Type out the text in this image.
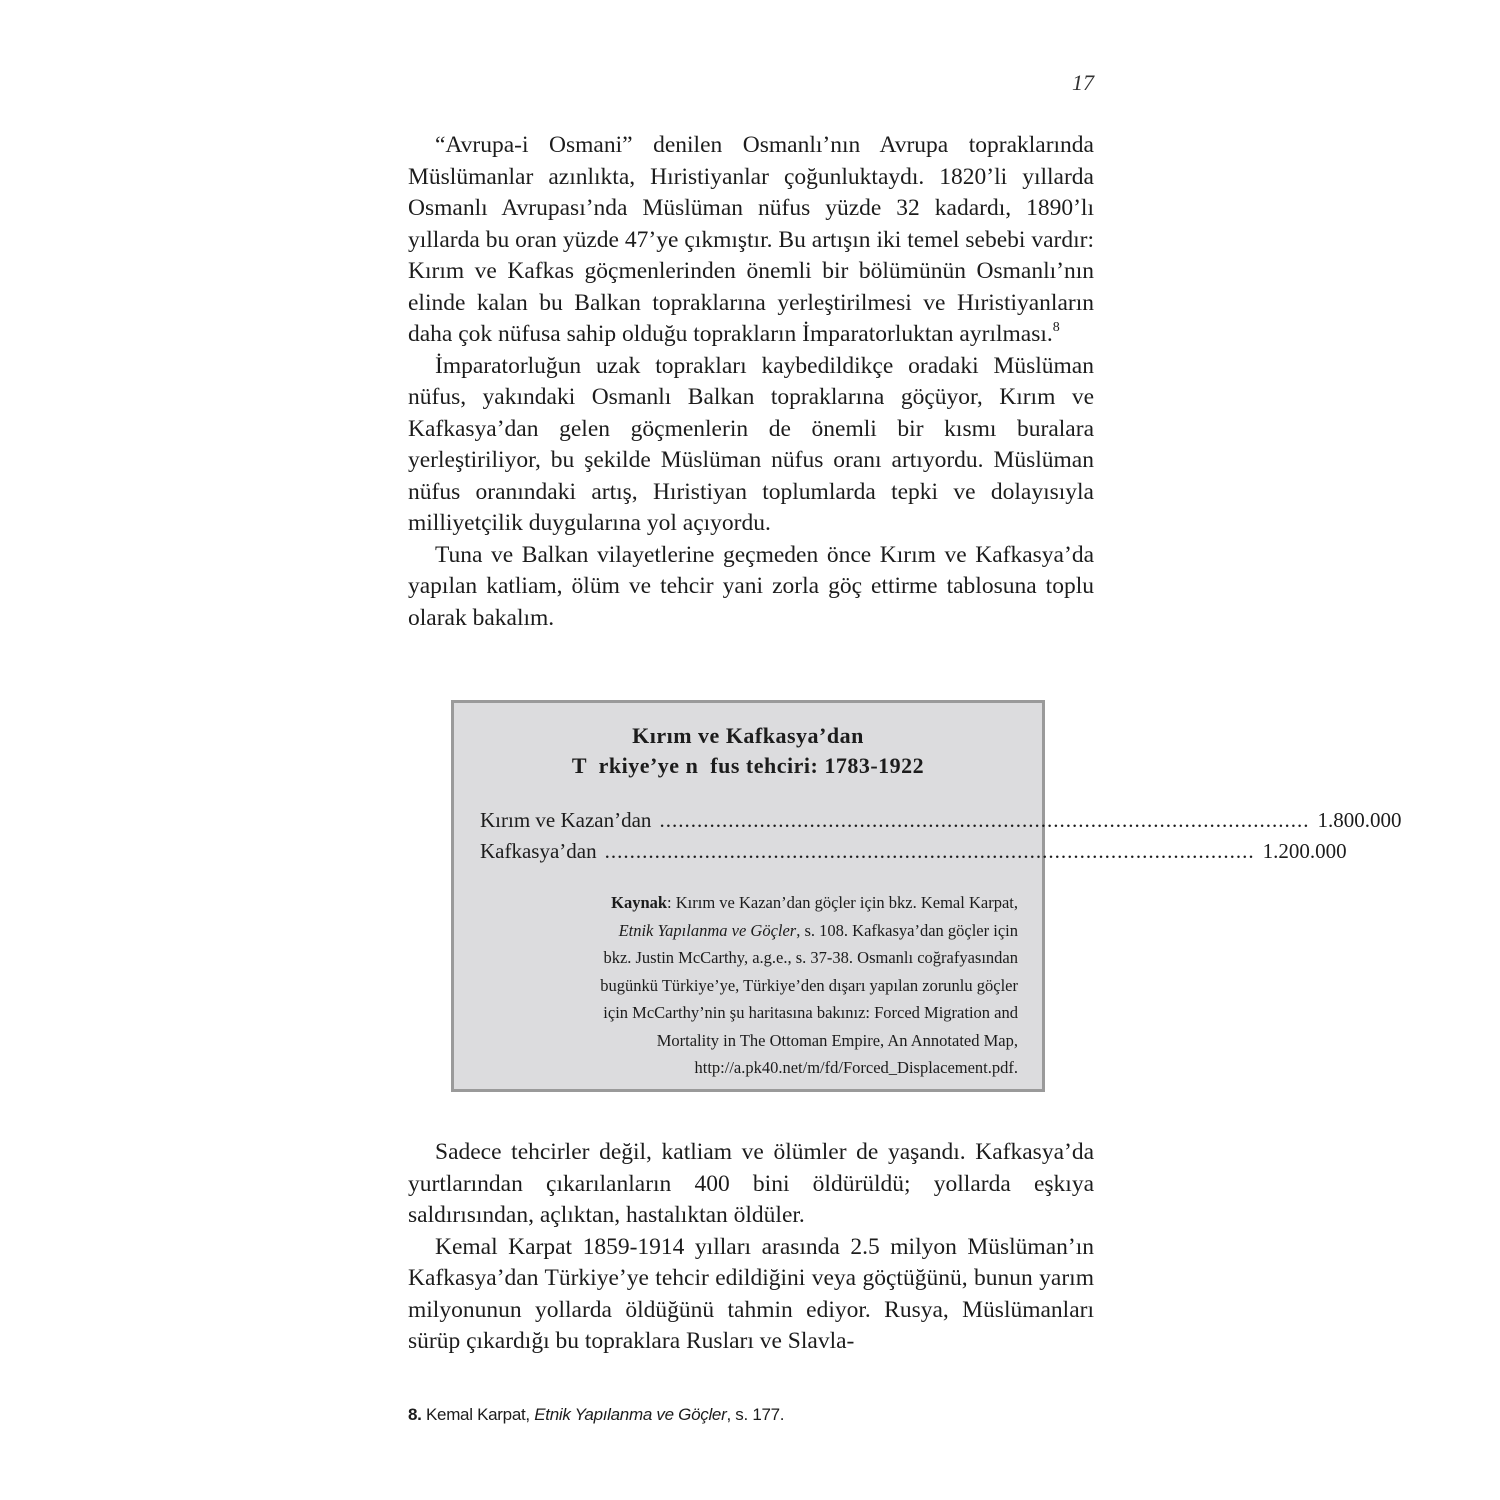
17

“Avrupa-i Osmani” denilen Osmanlı’nın Avrupa topraklarında Müslümanlar azınlıkta, Hıristiyanlar çoğunluktaydı. 1820’li yıllarda Osmanlı Avrupası’nda Müslüman nüfus yüzde 32 kadardı, 1890’lı yıllarda bu oran yüzde 47’ye çıkmıştır. Bu artışın iki temel sebebi vardır: Kırım ve Kafkas göçmenlerinden önemli bir bölümünün Osmanlı’nın elinde kalan bu Balkan topraklarına yerleştirilmesi ve Hıristiyanların daha çok nüfusa sahip olduğu toprakların İmparatorluktan ayrılması.$^8$

İmparatorluğun uzak toprakları kaybedildikçe oradaki Müslüman nüfus, yakındaki Osmanlı Balkan topraklarına göçüyor, Kırım ve Kafkasya’dan gelen göçmenlerin de önemli bir kısmı buralara yerleştiriliyor, bu şekilde Müslüman nüfus oranı artıyordu. Müslüman nüfus oranındaki artış, Hıristiyan toplumlarda tepki ve dolayısıyla milliyetçilik duygularına yol açıyordu.

Tuna ve Balkan vilayetlerine geçmeden önce Kırım ve Kafkasya’da yapılan katliam, ölüm ve tehcir yani zorla göç ettirme tablosuna toplu olarak bakalım.

Kırım ve Kafkasya’dan
T  rkiye’ye n  fus tehciri: 1783-1922
Kırım ve Kazan’dan ........................................................................................................ 1.800.000
Kafkasya’dan ........................................................................................................ 1.200.000
Kaynak: Kırım ve Kazan’dan göçler için bkz. Kemal Karpat,
Etnik Yapılanma ve Göçler, s. 108. Kafkasya’dan göçler için
bkz. Justin McCarthy, a.g.e., s. 37-38. Osmanlı coğrafyasından
bugünkü Türkiye’ye, Türkiye’den dışarı yapılan zorunlu göçler
için McCarthy’nin şu haritasına bakınız: Forced Migration and
Mortality in The Ottoman Empire, An Annotated Map,
http://a.pk40.net/m/fd/Forced_Displacement.pdf.

Sadece tehcirler değil, katliam ve ölümler de yaşandı. Kafkasya’da yurtlarından çıkarılanların 400 bini öldürüldü; yollarda eşkıya saldırısından, açlıktan, hastalıktan öldüler.

Kemal Karpat 1859-1914 yılları arasında 2.5 milyon Müslüman’ın Kafkasya’dan Türkiye’ye tehcir edildiğini veya göçtüğünü, bunun yarım milyonunun yollarda öldüğünü tahmin ediyor. Rusya, Müslümanları sürüp çıkardığı bu topraklara Rusları ve Slavla-

8. Kemal Karpat, Etnik Yapılanma ve Göçler, s. 177.
